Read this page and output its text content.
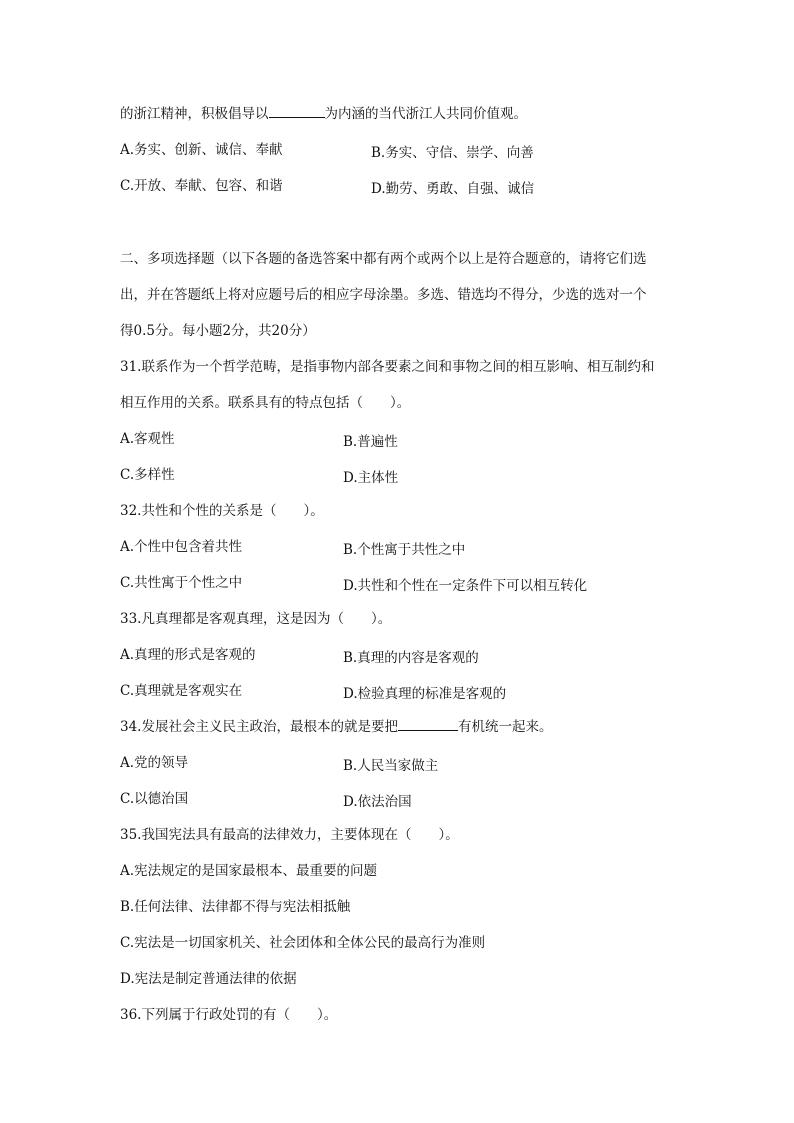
的浙江精神，积极倡导以	为内涵的当代浙江人共同价值观。
A.务实、创新、诚信、奉献	B.务实、守信、崇学、向善
C.开放、奉献、包容、和谐	D.勤劳、勇敢、自强、诚信
二、多项选择题（以下各题的备选答案中都有两个或两个以上是符合题意的，请将它们选
出，并在答题纸上将对应题号后的相应字母涂墨。多选、错选均不得分，少选的选对一个
得0.5分。每小题2分，共20分）
31.联系作为一个哲学范畴，是指事物内部各要素之间和事物之间的相互影响、相互制约和
相互作用的关系。联系具有的特点包括（　　）。
A.客观性	B.普遍性
C.多样性	D.主体性
32.共性和个性的关系是（　　）。
A.个性中包含着共性	B.个性寓于共性之中
C.共性寓于个性之中	D.共性和个性在一定条件下可以相互转化
33.凡真理都是客观真理，这是因为（　　）。
A.真理的形式是客观的	B.真理的内容是客观的
C.真理就是客观实在	D.检验真理的标准是客观的
34.发展社会主义民主政治，最根本的就是要把	有机统一起来。
A.党的领导	B.人民当家做主
C.以德治国	D.依法治国
35.我国宪法具有最高的法律效力，主要体现在（　　）。
A.宪法规定的是国家最根本、最重要的问题
B.任何法律、法律都不得与宪法相抵触
C.宪法是一切国家机关、社会团体和全体公民的最高行为准则
D.宪法是制定普通法律的依据
36.下列属于行政处罚的有（　　）。
